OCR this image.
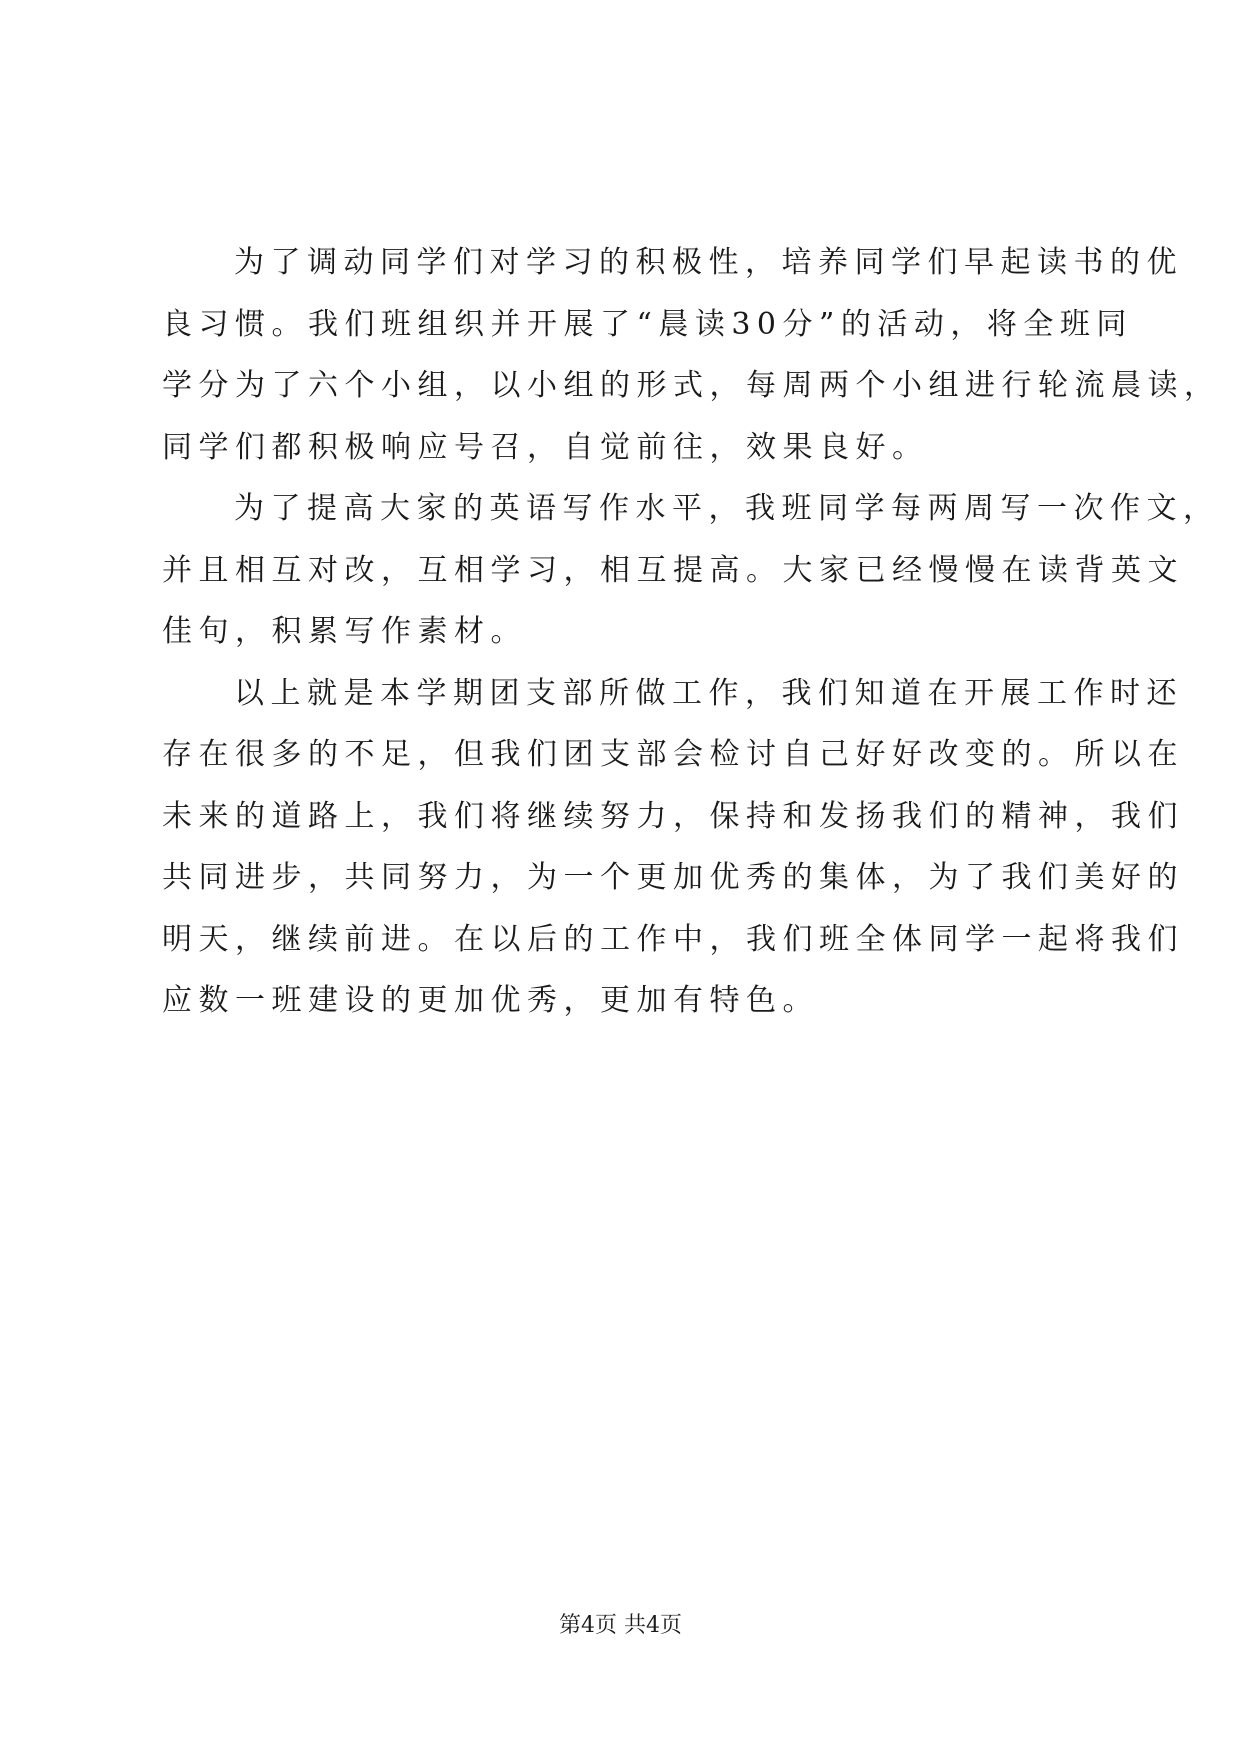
为了调动同学们对学习的积极性，培养同学们早起读书的优
良习惯。我们班组织并开展了“晨读30分”的活动，将全班同
学分为了六个小组，以小组的形式，每周两个小组进行轮流晨读，
同学们都积极响应号召，自觉前往，效果良好。

为了提高大家的英语写作水平，我班同学每两周写一次作文，
并且相互对改，互相学习，相互提高。大家已经慢慢在读背英文
佳句，积累写作素材。

以上就是本学期团支部所做工作，我们知道在开展工作时还
存在很多的不足，但我们团支部会检讨自己好好改变的。所以在
未来的道路上，我们将继续努力，保持和发扬我们的精神，我们
共同进步，共同努力，为一个更加优秀的集体，为了我们美好的
明天，继续前进。在以后的工作中，我们班全体同学一起将我们
应数一班建设的更加优秀，更加有特色。

第4页 共4页
